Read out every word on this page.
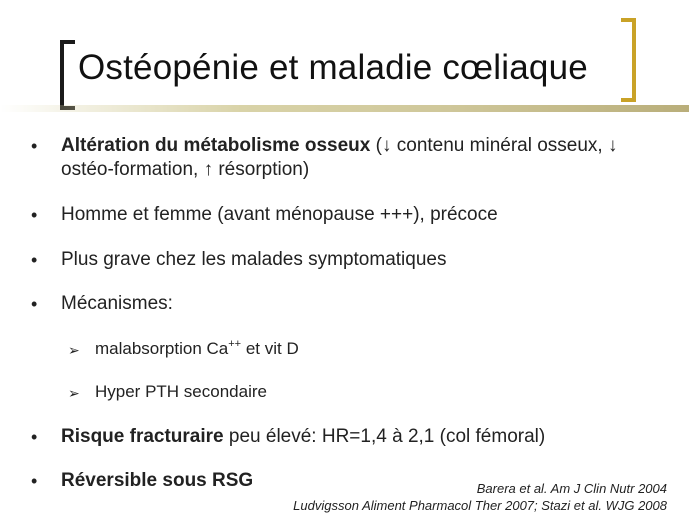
Ostéopénie et maladie cœliaque
• Altération du métabolisme osseux (↓ contenu minéral osseux, ↓ ostéo-formation, ↑ résorption)
• Homme et femme (avant ménopause +++), précoce
• Plus grave chez les malades symptomatiques
• Mécanismes:
➢ malabsorption Ca++ et vit D
➢ Hyper PTH secondaire
• Risque fracturaire peu élevé: HR=1,4 à 2,1 (col fémoral)
• Réversible sous RSG	Barera et al. Am J Clin Nutr 2004
Ludvigsson Aliment Pharmacol Ther 2007; Stazi et al. WJG 2008
